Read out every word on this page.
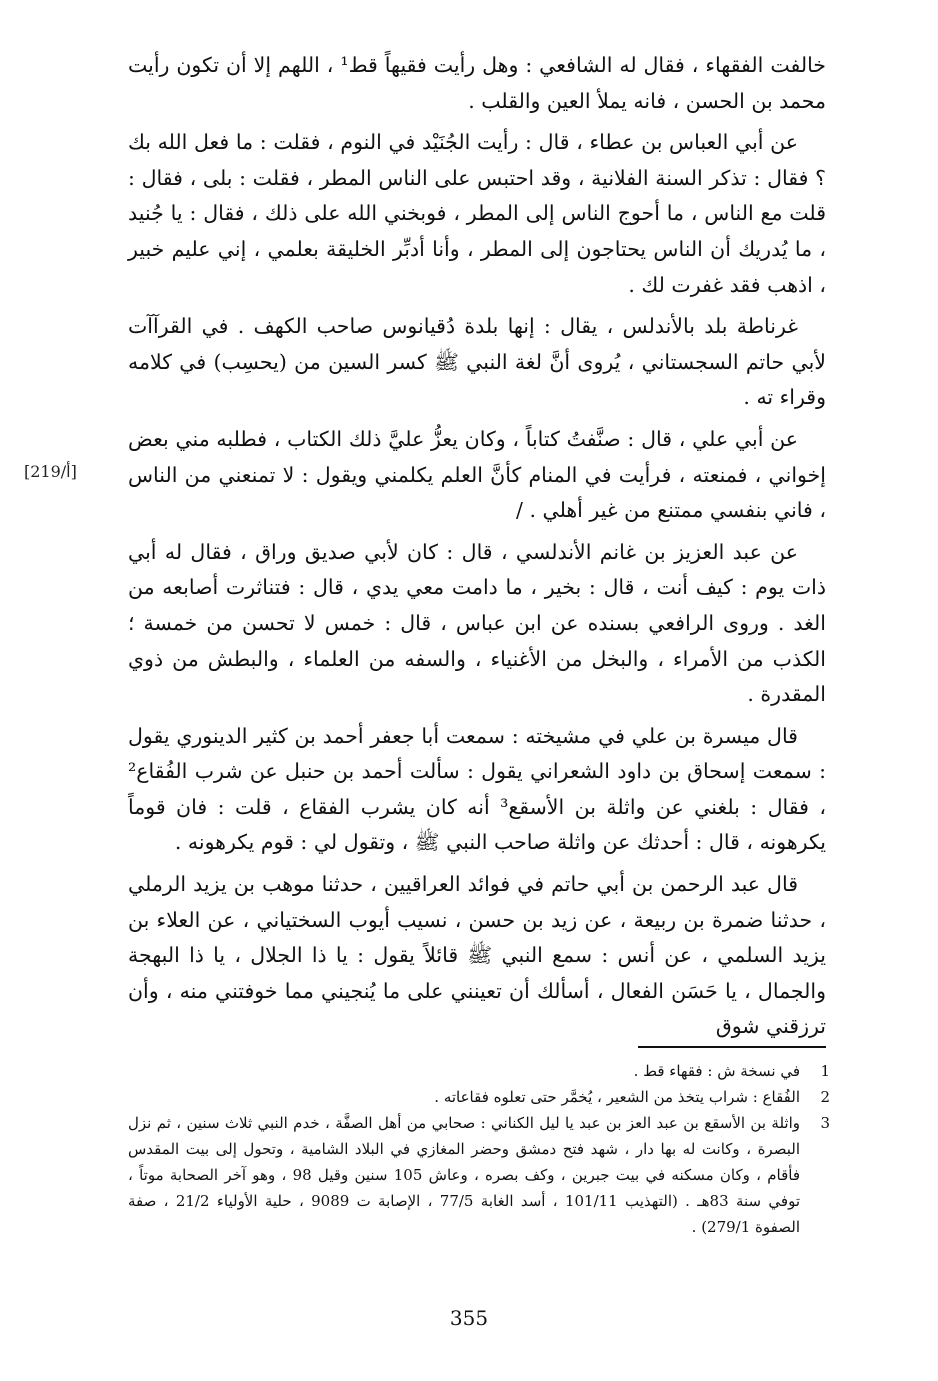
خالفت الفقهاء ، فقال له الشافعي : وهل رأيت فقيهاً قط¹ ، اللهم إلا أن تكون رأيت محمد بن الحسن ، فانه يملأ العين والقلب .

عن أبي العباس بن عطاء ، قال : رأيت الجُنَيْد في النوم ، فقلت : ما فعل الله بك ؟ فقال : تذكر السنة الفلانية ، وقد احتبس على الناس المطر ، فقلت : بلى ، فقال : قلت مع الناس ، ما أحوج الناس إلى المطر ، فوبخني الله على ذلك ، فقال : يا جُنيد ، ما يُدريك أن الناس يحتاجون إلى المطر ، وأنا أدبِّر الخليقة بعلمي ، إني عليم خبير ، اذهب فقد غفرت لك .

غرناطة بلد بالأندلس ، يقال : إنها بلدة دُقيانوس صاحب الكهف . في القرآآت لأبي حاتم السجستاني ، يُروى أنَّ لغة النبي ﷺ كسر السين من (يحسِب) في كلامه وقراء ته .

عن أبي علي ، قال : صنَّفتُ كتاباً ، وكان يعزُّ عليَّ ذلك الكتاب ، فطلبه مني بعض إخواني ، فمنعته ، فرأيت في المنام كأنَّ العلم يكلمني ويقول : لا تمنعني من الناس ، فاني بنفسي ممتنع من غير أهلي . /

عن عبد العزيز بن غانم الأندلسي ، قال : كان لأبي صديق وراق ، فقال له أبي ذات يوم : كيف أنت ، قال : بخير ، ما دامت معي يدي ، قال : فتناثرت أصابعه من الغد . وروى الرافعي بسنده عن ابن عباس ، قال : خمس لا تحسن من خمسة ؛ الكذب من الأمراء ، والبخل من الأغنياء ، والسفه من العلماء ، والبطش من ذوي المقدرة .

قال ميسرة بن علي في مشيخته : سمعت أبا جعفر أحمد بن كثير الدينوري يقول : سمعت إسحاق بن داود الشعراني يقول : سألت أحمد بن حنبل عن شرب الفُقاع² ، فقال : بلغني عن واثلة بن الأسقع³ أنه كان يشرب الفقاع ، قلت : فان قوماً يكرهونه ، قال : أحدثك عن واثلة صاحب النبي ﷺ ، وتقول لي : قوم يكرهونه .

قال عبد الرحمن بن أبي حاتم في فوائد العراقيين ، حدثنا موهب بن يزيد الرملي ، حدثنا ضمرة بن ربيعة ، عن زيد بن حسن ، نسيب أيوب السختياني ، عن العلاء بن يزيد السلمي ، عن أنس : سمع النبي ﷺ قائلاً يقول : يا ذا الجلال ، يا ذا البهجة والجمال ، يا حَسَن الفعال ، أسألك أن تعينني على ما يُنجيني مما خوفتني منه ، وأن ترزقني شوق

[219/أ]
1
في نسخة ش : فقهاء قط .
2
الفُقاع : شراب يتخذ من الشعير ، يُخمَّر حتى تعلوه فقاعاته .
3
واثلة بن الأسقع بن عبد العز بن عبد يا ليل الكناني : صحابي من أهل الصفَّة ، خدم النبي ثلاث سنين ، ثم نزل البصرة ، وكانت له بها دار ، شهد فتح دمشق وحضر المغازي في البلاد الشامية ، وتحول إلى بيت المقدس فأقام ، وكان مسكنه في بيت جبرين ، وكف بصره ، وعاش 105 سنين وقيل 98 ، وهو آخر الصحابة موتاً ، توفي سنة 83هـ . (التهذيب 101/11 ، أسد الغابة 77/5 ، الإصابة ت 9089 ، حلية الأولياء 21/2 ، صفة الصفوة 279/1) .
355
